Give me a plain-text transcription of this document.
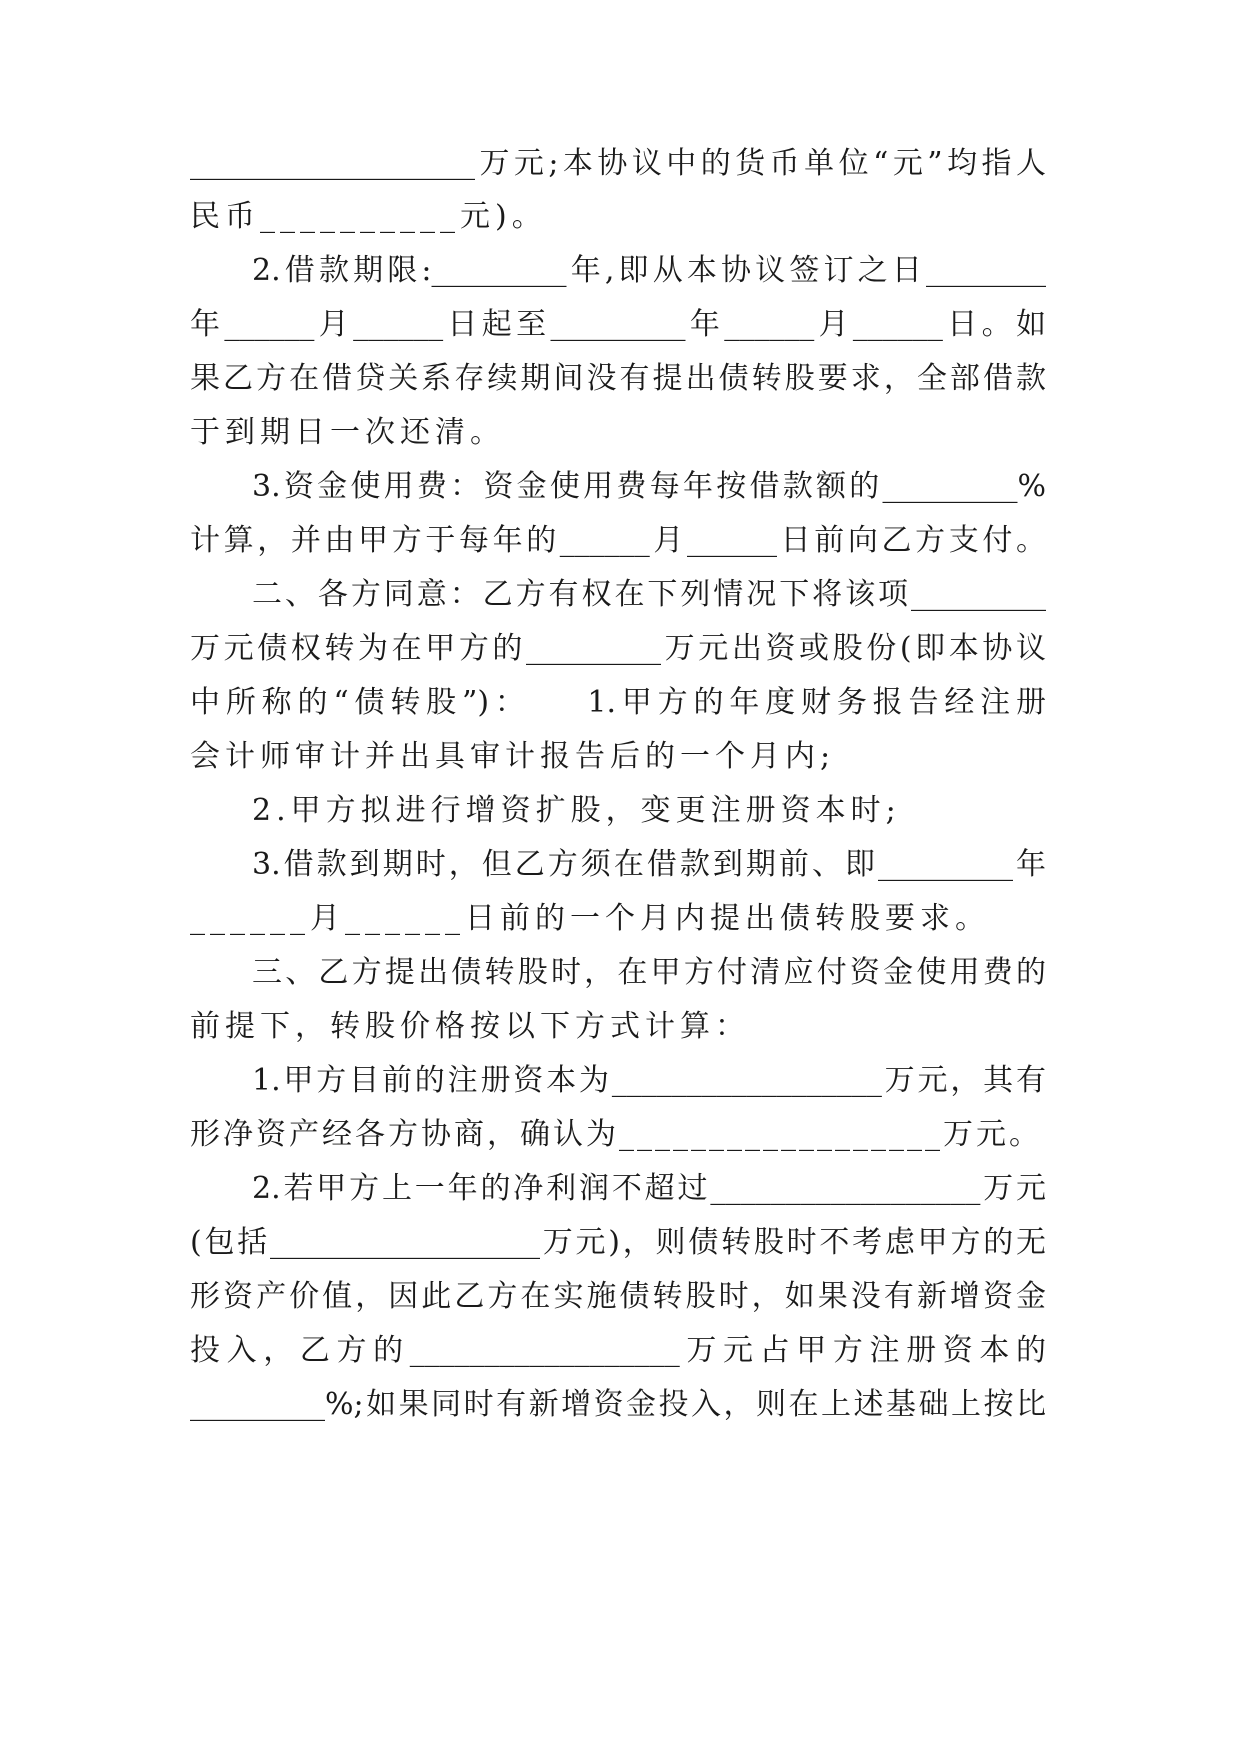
___________________万元;本协议中的货币单位“元”均指人
民币__________元)。
2.借款期限:_________年,即从本协议签订之日________
年______月______日起至_________年______月______日。如
果乙方在借贷关系存续期间没有提出债转股要求，全部借款
于到期日一次还清。
3.资金使用费：资金使用费每年按借款额的_________%
计算，并由甲方于每年的______月______日前向乙方支付。
二、各方同意：乙方有权在下列情况下将该项_________
万元债权转为在甲方的_________万元出资或股份(即本协议
中所称的“债转股”)：　　1.甲方的年度财务报告经注册
会计师审计并出具审计报告后的一个月内;
2.甲方拟进行增资扩股，变更注册资本时;
3.借款到期时，但乙方须在借款到期前、即_________年
______月______日前的一个月内提出债转股要求。
三、乙方提出债转股时，在甲方付清应付资金使用费的
前提下，转股价格按以下方式计算：
1.甲方目前的注册资本为__________________万元，其有
形净资产经各方协商，确认为__________________万元。
2.若甲方上一年的净利润不超过__________________万元
(包括__________________万元)，则债转股时不考虑甲方的无
形资产价值，因此乙方在实施债转股时，如果没有新增资金
投入，乙方的__________________万元占甲方注册资本的
_________%;如果同时有新增资金投入，则在上述基础上按比
